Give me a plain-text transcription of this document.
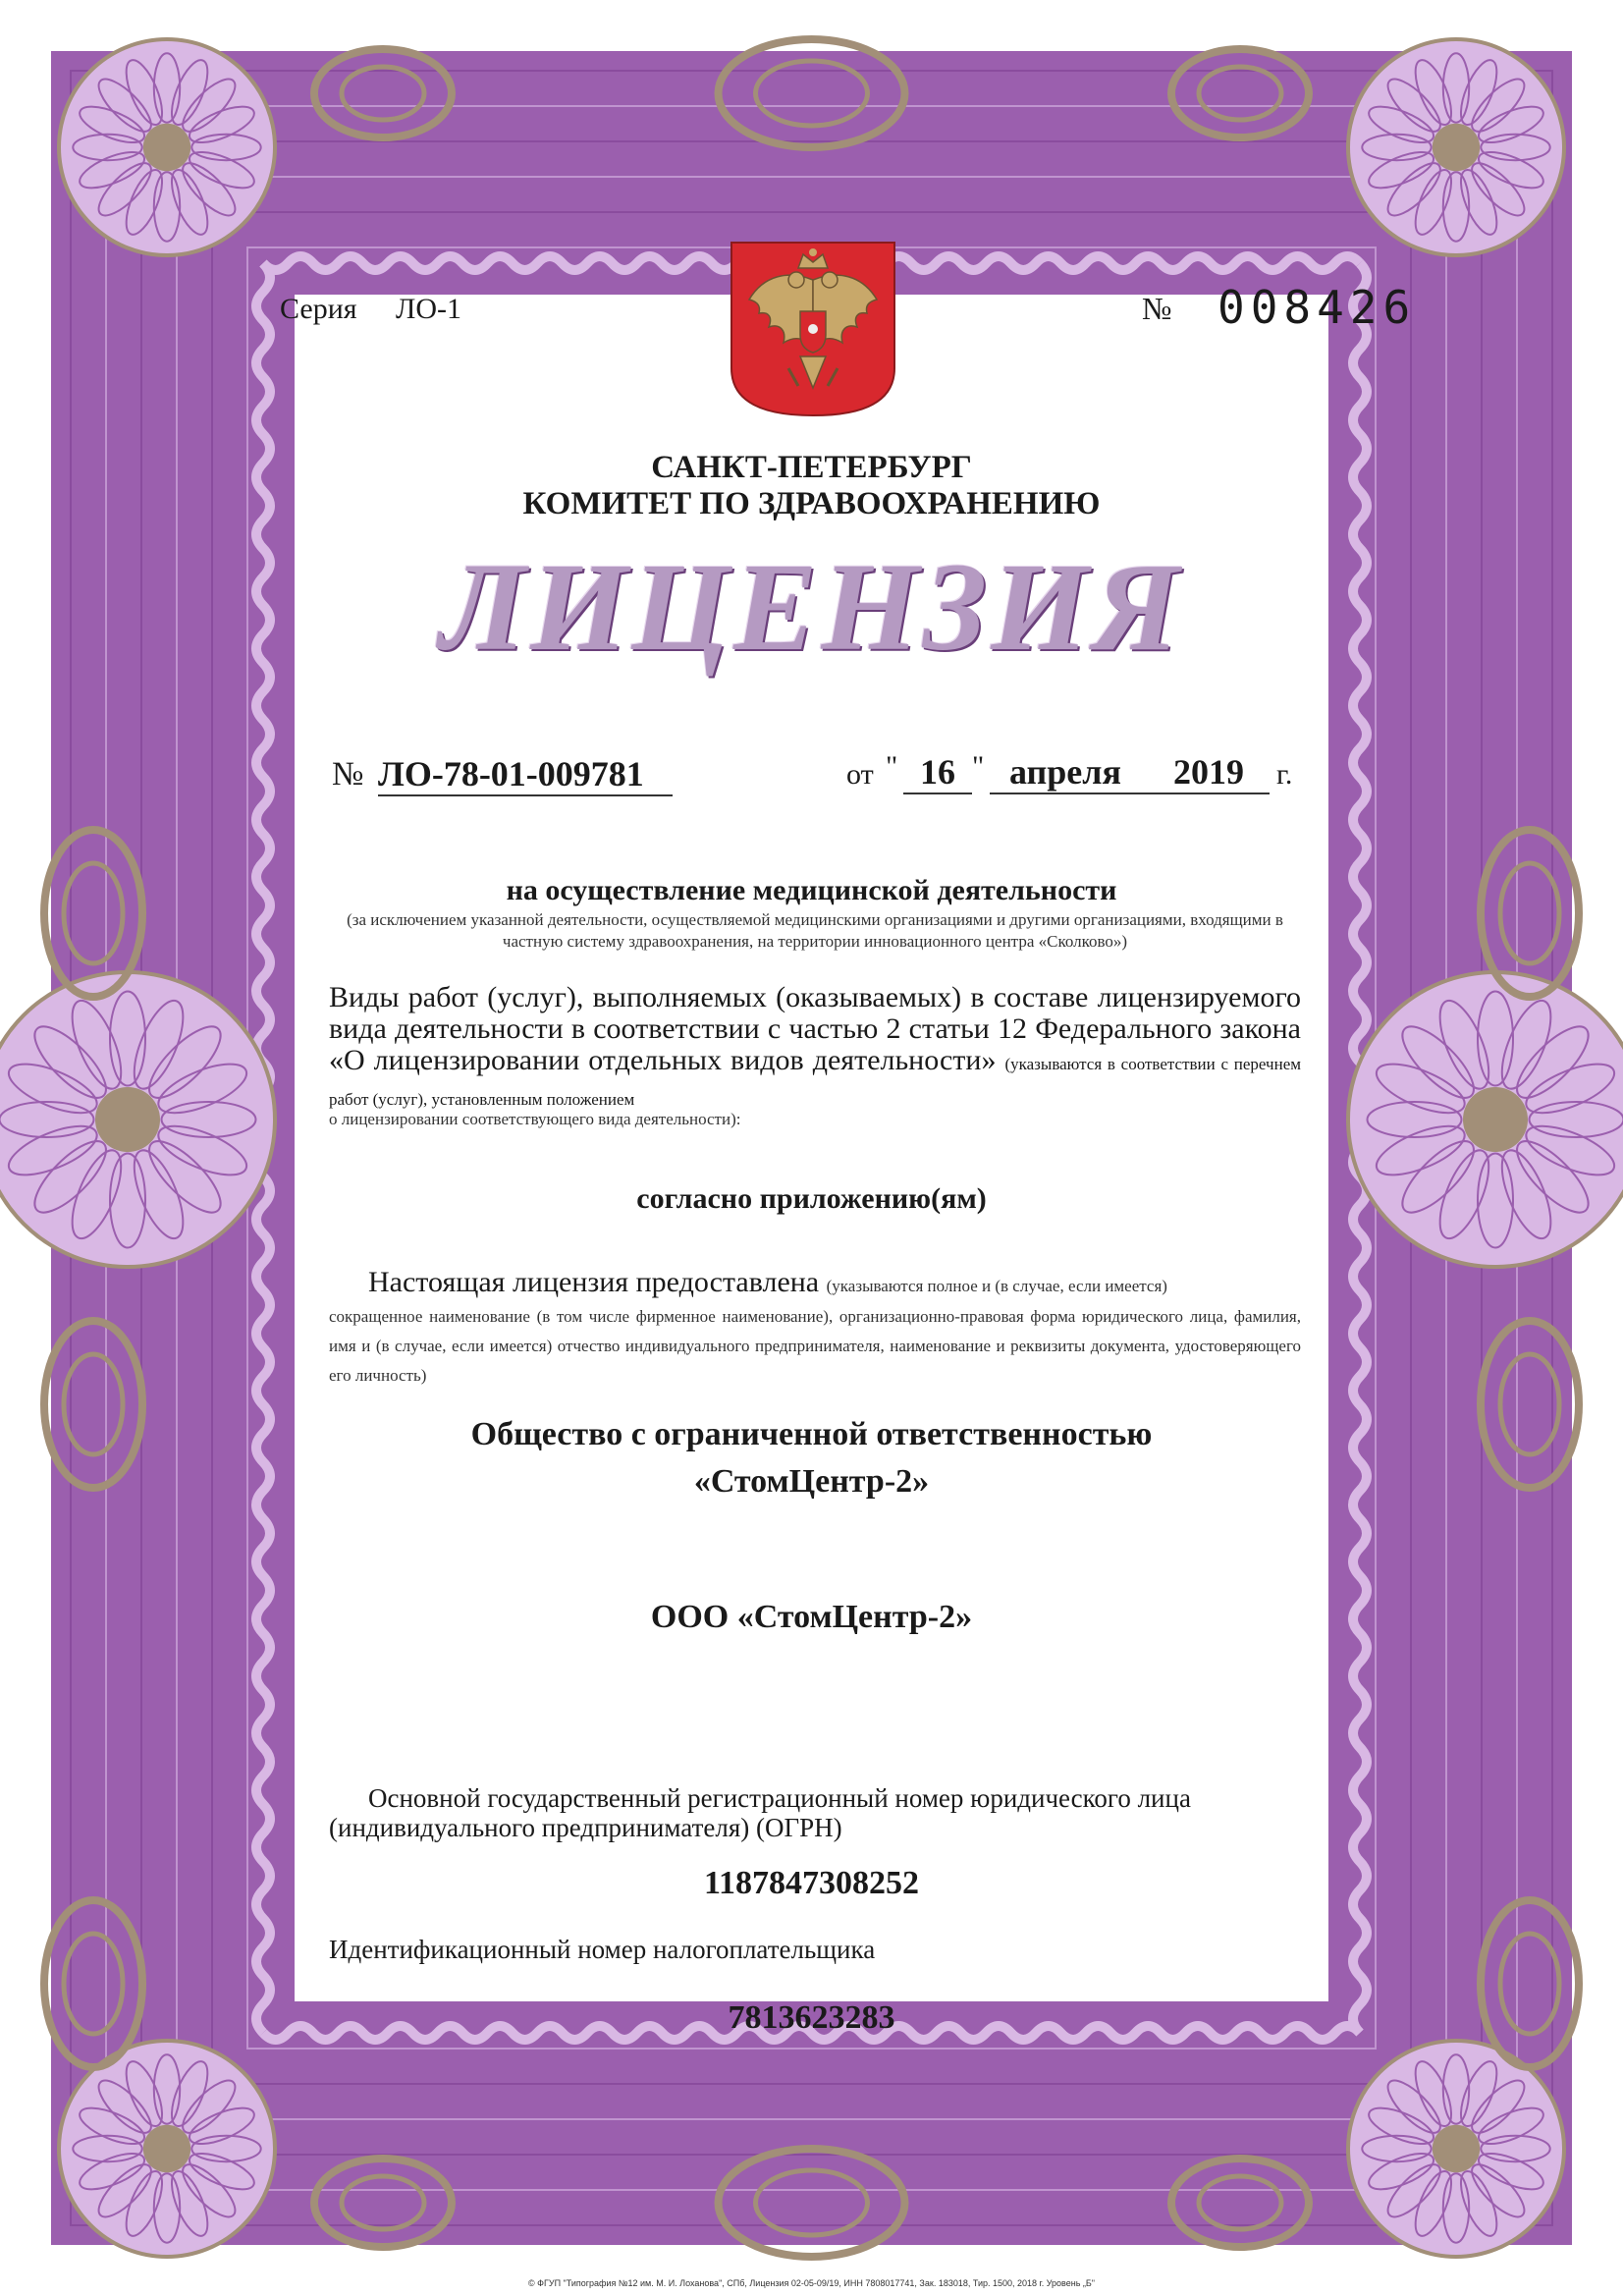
Серия ЛО-1	№ 008426
САНКТ-ПЕТЕРБУРГ
КОМИТЕТ ПО ЗДРАВООХРАНЕНИЮ
ЛИЦЕНЗИЯ
№ ЛО-78-01-009781	от " 16 " апреля	2019 г.
на осуществление медицинской деятельности
(за исключением указанной деятельности, осуществляемой медицинскими организациями и другими организациями, входящими в частную систему здравоохранения, на территории инновационного центра «Сколково»)
Виды работ (услуг), выполняемых (оказываемых) в составе лицензируемого вида деятельности в соответствии с частью 2 статьи 12 Федерального закона «О лицензировании отдельных видов деятельности» (указываются в соответствии с перечнем работ (услуг), установленным положением
о лицензировании соответствующего вида деятельности):
согласно приложению(ям)
Настоящая лицензия предоставлена (указываются полное и (в случае, если имеется)
сокращенное наименование (в том числе фирменное наименование), организационно-правовая форма юридического лица, фамилия, имя и (в случае, если имеется) отчество индивидуального предпринимателя, наименование и реквизиты документа, удостоверяющего его личность)
Общество с ограниченной ответственностью
«СтомЦентр-2»
ООО «СтомЦентр-2»
Основной государственный регистрационный номер юридического лица (индивидуального предпринимателя) (ОГРН)
1187847308252
Идентификационный номер налогоплательщика
7813623283
© ФГУП "Типография №12 им. М. И. Лоханова", СПб, Лицензия 02-05-09/19, ИНН 7808017741, Зак. 183018, Тир. 1500, 2018 г. Уровень „Б"
